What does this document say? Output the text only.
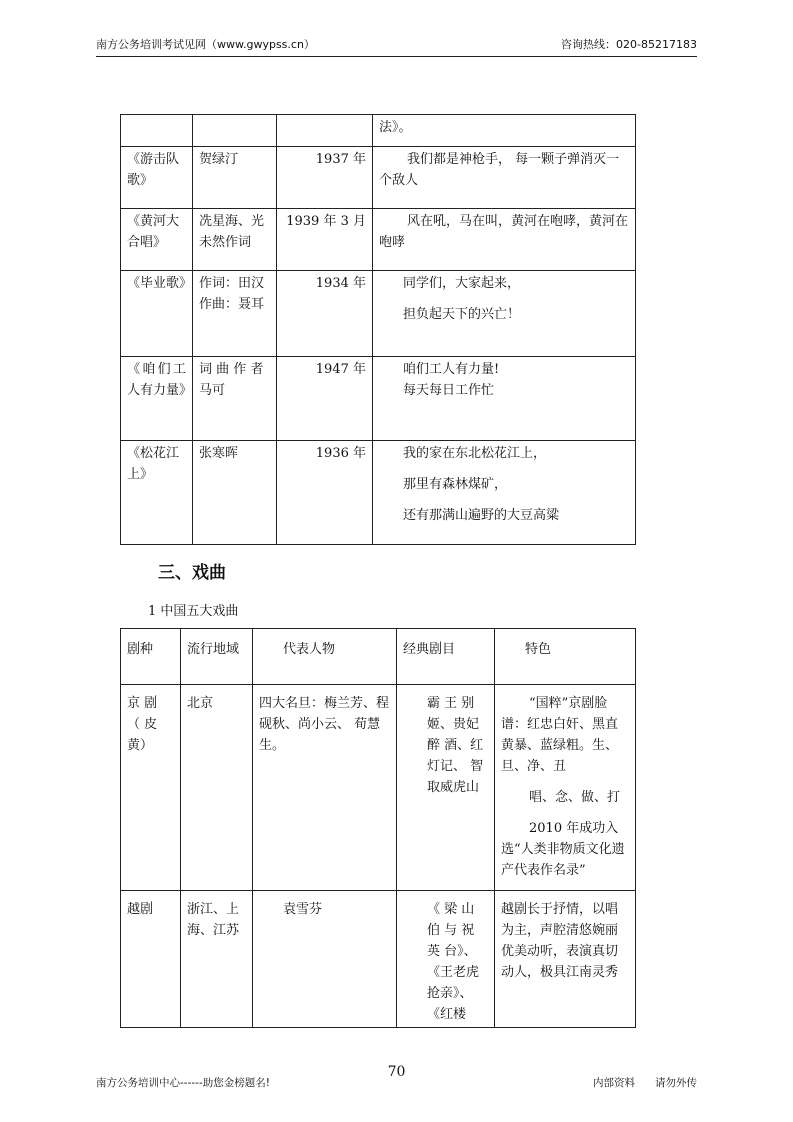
南方公务培训考试见网（www.gwypss.cn）	咨询热线：020-85217183

			法》。

《游击队歌》	贺绿汀	1937 年	我们都是神枪手， 每一颗子弹消灭一个敌人
《黄河大合唱》	冼星海、光未然作词	1939 年 3 月	风在吼，马在叫，黄河在咆哮，黄河在咆哮
《毕业歌》	作词：田汉 作曲：聂耳	1934 年	同学们，大家起来，
担负起天下的兴亡！

《咱们工人有力量》	词 曲 作 者 马可	1947 年	咱们工人有力量!
每天每日工作忙

《松花江上》	张寒晖	1936 年	我的家在东北松花江上，
那里有森林煤矿，
还有那满山遍野的大豆高粱
三、戏曲
1 中国五大戏曲
剧种	流行地域	代表人物	经典剧目	特色
京 剧 （ 皮 黄）	北京	四大名旦：梅兰芳、程砚秋、尚小云、 荀慧生。	霸 王 别 姬、贵妃醉 酒、红灯记、 智取威虎山	“国粹”京剧脸谱：红忠白奸、黑直黄暴、蓝绿粗。生、旦、净、丑
唱、念、做、打
2010 年成功入选“人类非物质文化遗产代表作名录”

越剧	浙江、上 海、江苏	袁雪芬	《 梁 山 伯 与 祝 英 台》、《王老虎 抢亲》、《红楼	越剧长于抒情，以唱为主，声腔清悠婉丽优美动听，表演真切动人，极具江南灵秀
南方公务培训中心------助您金榜题名!
70
内部资料      请勿外传
